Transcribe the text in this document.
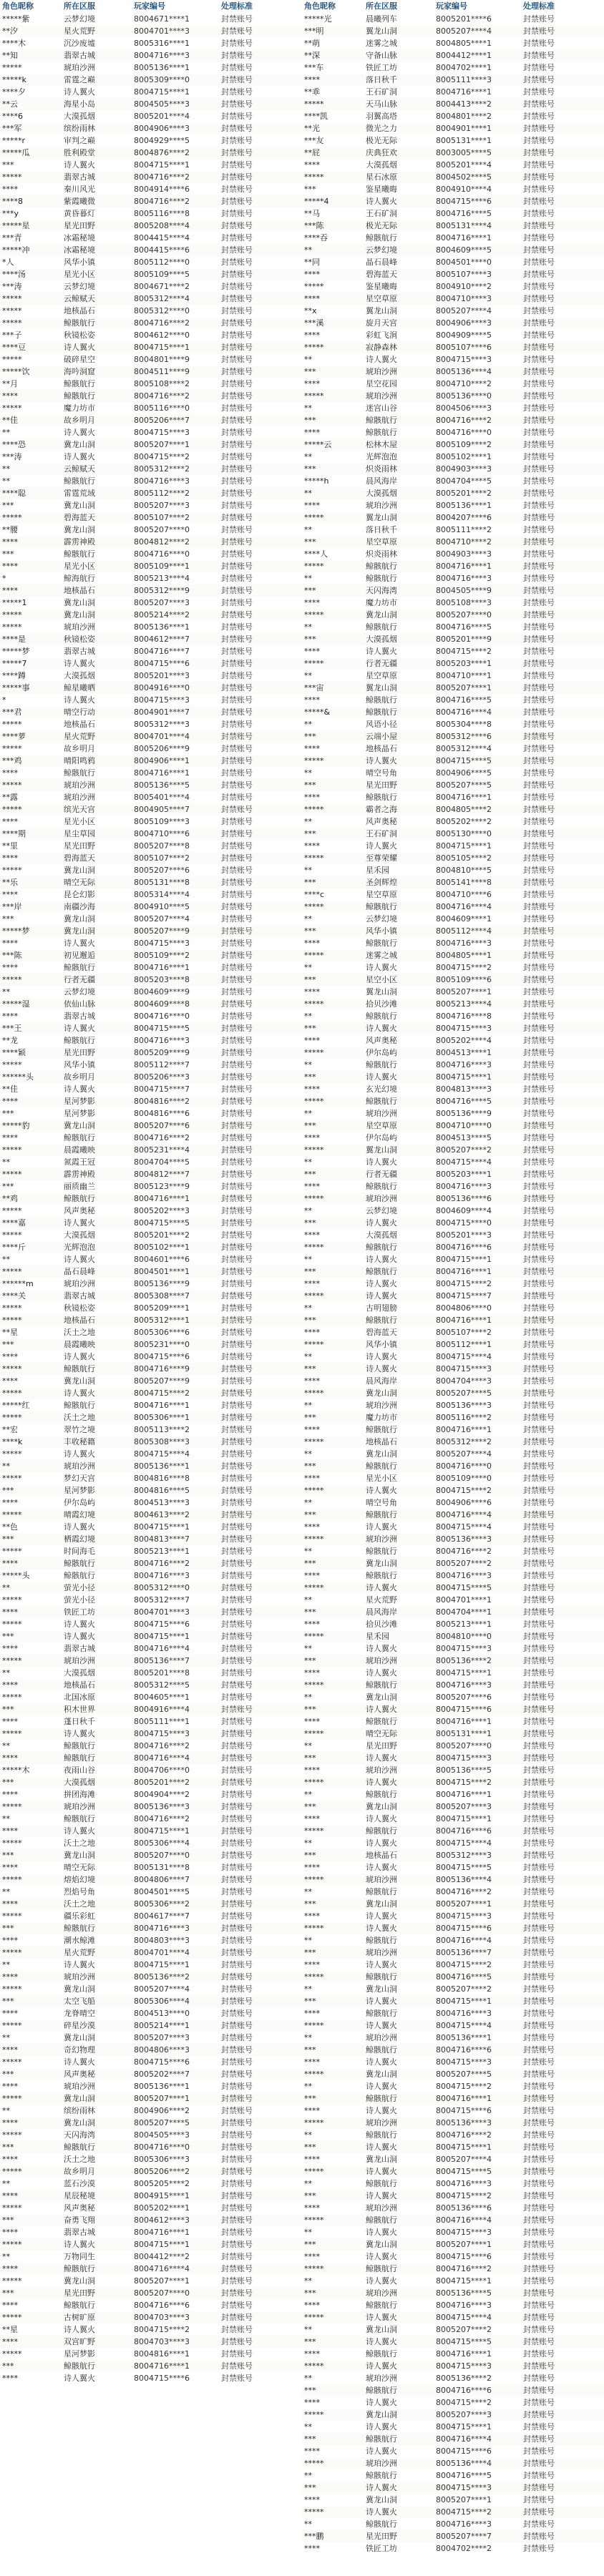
角色昵称	所在区服	玩家编号	处理标准
*****紫	云梦幻境	8004671****1	封禁账号
**汐	星火荒野	8004701****3	封禁账号
****木	沉沙废墟	8005316****1	封禁账号
**知	翡翠古城	8004716****3	封禁账号
*****	琥珀沙洲	8005136****1	封禁账号
*****k	雷霆之巅	8005309****0	封禁账号
****夕	诗人翼火	8004715****1	封禁账号
**云	海星小岛	8004505****3	封禁账号
****6	大漠孤烟	8005201****4	封禁账号
***军	缤纷雨林	8004906****3	封禁账号
*****r	审判之巅	8004929****5	封禁账号
*****瓜	胜利殿堂	8004876****2	封禁账号
***	诗人翼火	8004715****1	封禁账号
*****	翡翠古城	8004716****2	封禁账号
****	秦川风光	8004914****6	封禁账号
****8	紫霞曦微	8004716****2	封禁账号
***y	黄昏暮灯	8005116****8	封禁账号
*****星	星光田野	8005208****4	封禁账号
***青	冰霜秘境	8004415****4	封禁账号
*****冲	冰霜秘境	8004415****6	封禁账号
*人	风华小镇	8005112****0	封禁账号
****汤	星光小区	8005109****5	封禁账号
***涛	云梦幻境	8004671****2	封禁账号
*****	云鲸赋天	8005312****4	封禁账号
*****	地核晶石	8005312****0	封禁账号
*****	鲸骸航行	8004716****2	封禁账号
***子	秋镜松姿	8004612****0	封禁账号
****豆	诗人翼火	8004715****1	封禁账号
*****	破碎星空	8004801****9	封禁账号
*****饮	海吟洞窟	8004511****9	封禁账号
**月	鲸骸航行	8005108****2	封禁账号
****	鲸骸航行	8004716****2	封禁账号
*****	魔力坊市	8005116****0	封禁账号
**佳	故乡明月	8005206****7	封禁账号
**	诗人翼火	8004715****3	封禁账号
****恐	冀龙山洞	8005207****1	封禁账号
***涛	诗人翼火	8004715****2	封禁账号
**	云鲸赋天	8005312****2	封禁账号
**	鲸骸航行	8004716****3	封禁账号
****聪	雷霆荒域	8005112****2	封禁账号
***	冀龙山洞	8005207****3	封禁账号
*****	碧海蓝天	8005107****2	封禁账号
**腰	冀龙山洞	8005207****0	封禁账号
****	霹雳神殿	8004812****2	封禁账号
***	鲸骸航行	8004716****0	封禁账号
****	星光小区	8005109****1	封禁账号
*	鲸海航行	8005213****4	封禁账号
****	地核晶石	8005312****9	封禁账号
*****1	冀龙山洞	8005207****3	封禁账号
*****	冀龙山洞	8005214****2	封禁账号
*****	琥珀沙洲	8005136****1	封禁账号
****是	秋镜松姿	8004612****7	封禁账号
*****梦	翡翠古城	8004716****7	封禁账号
*****7	诗人翼火	8004715****6	封禁账号
****蹲	大漠孤烟	8005201****3	封禁账号
*****事	鲸星曦晒	8004916****0	封禁账号
*	诗人翼火	8004715****3	封禁账号
***君	晴空行动	8004901****7	封禁账号
*****	地核晶石	8005312****3	封禁账号
****萝	星火荒野	8004701****4	封禁账号
*****	故乡明月	8005206****9	封禁账号
***鸡	晴阳鸣鸦	8004906****1	封禁账号
****	鲸骸航行	8004716****1	封禁账号
*****	琥珀沙洲	8005136****5	封禁账号
**露	琥珀沙洲	8005401****4	封禁账号
*****	缤光天宫	8004905****7	封禁账号
****	星光小区	8005109****3	封禁账号
****期	星尘草园	8004710****6	封禁账号
**里	星光田野	8005207****8	封禁账号
****	碧海蓝天	8005107****2	封禁账号
*****	冀龙山洞	8005207****6	封禁账号
**乐	晴空无际	8005131****8	封禁账号
****	昆仑幻影	8005314****4	封禁账号
***岸	南疆沙海	8004910****5	封禁账号
***	冀龙山洞	8005207****4	封禁账号
*****梦	冀龙山洞	8005207****9	封禁账号
****	诗人翼火	8004715****3	封禁账号
***陈	初见邂逅	8005109****2	封禁账号
****	鲸骸航行	8004716****1	封禁账号
*****	行者无疆	8005203****8	封禁账号
**	云梦幻境	8004609****9	封禁账号
*****湿	依仙山脉	8004609****8	封禁账号
****	翡翠古城	8004716****0	封禁账号
***王	诗人翼火	8004715****5	封禁账号
**龙	鲸骸航行	8004716****3	封禁账号
****颖	星光田野	8005209****9	封禁账号
*****	风华小镇	8005112****7	封禁账号
******头	故乡明月	8005206****3	封禁账号
**佳	诗人翼火	8004715****7	封禁账号
****	星河梦影	8004816****2	封禁账号
***	星河梦影	8004816****6	封禁账号
*****豹	冀龙山洞	8005207****6	封禁账号
****	鲸骸航行	8004716****2	封禁账号
*****	晨霞曦映	8005231****4	封禁账号
**	氮霞王冠	8004704****5	封禁账号
*****	霹雳神殿	8004812****7	封禁账号
***	丽质幽兰	8005123****9	封禁账号
**鸡	鲸骸航行	8004716****1	封禁账号
*****	风声奥秘	8005202****3	封禁账号
****嘉	诗人翼火	8004715****5	封禁账号
*****	大漠孤烟	8005201****2	封禁账号
****斤	光辉泡泡	8005102****1	封禁账号
**	诗人翼火	8004601****6	封禁账号
*****	晶石晨峰	8004501****1	封禁账号
******m	琥珀沙洲	8005136****9	封禁账号
****关	翡翠古城	8005308****7	封禁账号
*****	秋镜松姿	8005209****1	封禁账号
*****	地核晶石	8005312****1	封禁账号
**星	沃土之地	8005306****6	封禁账号
***	晨霞曦映	8005231****0	封禁账号
****	诗人翼火	8004715****6	封禁账号
*****	鲸骸航行	8004716****9	封禁账号
****	冀龙山洞	8005207****9	封禁账号
*****	诗人翼火	8004715****2	封禁账号
*****红	鲸骸航行	8004716****1	封禁账号
*****	沃土之地	8005306****1	封禁账号
**宏	翠竹之境	8005113****2	封禁账号
****k	丰收秘籍	8005308****3	封禁账号
*****	诗人翼火	8004715****4	封禁账号
**	琥珀沙洲	8005136****1	封禁账号
*****	梦幻天宫	8004816****8	封禁账号
***	星河梦影	8004816****5	封禁账号
****	伊尔岛屿	8004513****3	封禁账号
*****	晴霞幻境	8004613****2	封禁账号
**色	诗人翼火	8004715****1	封禁账号
***	栖霞幻境	8004813****7	封禁账号
*****	时间海毛	8005213****1	封禁账号
****	鲸骸航行	8004716****2	封禁账号
*****头	鲸骸航行	8004716****3	封禁账号
**	萤光小径	8005312****0	封禁账号
*****	萤光小径	8005312****7	封禁账号
****	铁匠工坊	8004701****3	封禁账号
*****	诗人翼火	8004715****6	封禁账号
***	诗人翼火	8004715****1	封禁账号
****	翡翠古城	8004716****4	封禁账号
*****	琥珀沙洲	8005136****7	封禁账号
**	大漠孤烟	8005201****8	封禁账号
****	地核晶石	8005312****5	封禁账号
*****	北国冰原	8004605****1	封禁账号
***	积木世界	8004916****4	封禁账号
****	蓬日秋千	8005111****1	封禁账号
*****	诗人翼火	8004715****3	封禁账号
**	鲸骸航行	8004716****2	封禁账号
****	鲸骸航行	8004716****4	封禁账号
*****木	夜雨山谷	8004706****0	封禁账号
***	大漠孤烟	8005201****2	封禁账号
****	拼团海滩	8004904****2	封禁账号
*****	琥珀沙洲	8005136****3	封禁账号
**	鲸骸航行	8004716****2	封禁账号
****	诗人翼火	8004715****1	封禁账号
*****	沃土之地	8005306****4	封禁账号
***	冀龙山洞	8005207****0	封禁账号
****	晴空无际	8005131****8	封禁账号
*****	熔焰幻境	8004806****7	封禁账号
**	烈焰号角	8004501****5	封禁账号
****	沃土之地	8005306****2	封禁账号
*****	疆乐彩虹	8004617****7	封禁账号
***	鲸骸航行	8004716****3	封禁账号
****	潮水鲸滩	8004803****3	封禁账号
*****	星火荒野	8004701****4	封禁账号
**	诗人翼火	8004715****1	封禁账号
****	琥珀沙洲	8005136****2	封禁账号
*****	冀龙山洞	8005207****4	封禁账号
***	太空飞船	8005306****4	封禁账号
****	龙脊晴空	8004513****0	封禁账号
*****	碎星沙漠	8005214****1	封禁账号
**	冀龙山洞	8005207****3	封禁账号
****	奇幻物理	8004806****3	封禁账号
*****	诗人翼火	8004715****6	封禁账号
***	风声奥秘	8005202****7	封禁账号
****	琥珀沙洲	8005136****1	封禁账号
*****	冀龙山洞	8005207****1	封禁账号
**	缤纷雨林	8004906****2	封禁账号
****	冀龙山洞	8005207****5	封禁账号
*****	天闪海湾	8004505****3	封禁账号
***	鲸骸航行	8004716****0	封禁账号
****	沃土之地	8005306****3	封禁账号
*****	故乡明月	8005206****2	封禁账号
**	蓝石沙漠	8005205****2	封禁账号
****	星辰秘境	8004915****1	封禁账号
*****	风声奥秘	8005202****1	封禁账号
***	奋勇飞翔	8004612****3	封禁账号
****	翡翠古城	8004716****1	封禁账号
*****	诗人翼火	8004715****1	封禁账号
**	万物同生	8004412****2	封禁账号
****	鲸骸航行	8004716****4	封禁账号
*****	冀龙山洞	8005207****1	封禁账号
***	星光田野	8005207****0	封禁账号
****	鲸骸航行	8004716****6	封禁账号
*****	古树旷原	8004703****3	封禁账号
**星	诗人翼火	8004715****2	封禁账号
****	双宫旷野	8004703****3	封禁账号
*****	星河梦影	8004816****1	封禁账号
***	鲸骸航行	8004716****1	封禁账号
****	诗人翼火	8004715****6	封禁账号
角色昵称	所在区服	玩家编号	处理标准
*****光	晨曦列车	8005201****6	封禁账号
***明	翼龙山洞	8005207****4	封禁账号
**萌	迷雾之城	8004805****1	封禁账号
**深	守备山脉	8004412****1	封禁账号
***车	铁匠工坊	8004702****1	封禁账号
****	落日秋千	8005111****3	封禁账号
**乖	王石矿洞	8004716****1	封禁账号
*****	天马山脉	8004413****2	封禁账号
****凯	羽翼高塔	8004801****2	封禁账号
**光	微光之力	8004901****1	封禁账号
***友	极光无际	8005131****1	封禁账号
**屁	庆典狂欢	8003005****5	封禁账号
****	大漠孤烟	8005201****4	封禁账号
*****	星石冰原	8004502****5	封禁账号
***	鉴星曦晦	8004910****4	封禁账号
*****4	诗人翼火	8004715****6	封禁账号
**马	王石矿洞	8004716****5	封禁账号
***陈	极光无际	8005131****4	封禁账号
****吞	鲸骸航行	8004716****1	封禁账号
**	云梦幻境	8004609****5	封禁账号
**同	晶石晨峰	8004501****0	封禁账号
****	碧海蓝天	8005107****3	封禁账号
*****	鉴星曦晦	8004910****2	封禁账号
****	星空草原	8004710****3	封禁账号
**x	翼龙山洞	8005207****4	封禁账号
***溪	旋月天宫	8004906****3	封禁账号
****	彩虹飞涧	8004909****5	封禁账号
*****	寂静森林	8005107****6	封禁账号
**	诗人翼火	8004715****3	封禁账号
***	琥珀沙洲	8005136****4	封禁账号
****	星空花园	8004710****2	封禁账号
*****	琥珀沙洲	8005136****0	封禁账号
**	迷宫山谷	8004506****3	封禁账号
***	鲸骸航行	8004716****2	封禁账号
****	鲸骸航行	8004716****0	封禁账号
*****云	松林木屋	8005109****2	封禁账号
**	光辉泡泡	8005102****1	封禁账号
***	炽炎雨林	8004903****3	封禁账号
*****h	晨风海岸	8004704****5	封禁账号
**	大漠孤烟	8005201****2	封禁账号
****	琥珀沙洲	8005136****1	封禁账号
*****	翼龙山洞	8004207****6	封禁账号
**	落日秋千	8005111****2	封禁账号
***	星空草原	8004710****2	封禁账号
****人	炽炎雨林	8004903****3	封禁账号
*****	鲸骸航行	8004716****1	封禁账号
**	鲸骸航行	8004716****3	封禁账号
***	天闪海湾	8004505****9	封禁账号
****	魔力坊市	8005108****3	封禁账号
*****	冀龙山洞	8005207****0	封禁账号
**	鲸骸航行	8004716****5	封禁账号
***	大漠孤烟	8005201****9	封禁账号
****	诗人翼火	8004715****2	封禁账号
*****	行者无疆	8005203****1	封禁账号
**	星空草原	8004710****1	封禁账号
***宙	翼龙山洞	8005207****1	封禁账号
****	鲸骸航行	8004716****5	封禁账号
*****&	鲸骸航行	8004716****4	封禁账号
**	风语小径	8005304****8	封禁账号
***	云端小屋	8005312****6	封禁账号
****	地核晶石	8005312****4	封禁账号
*****	诗人翼火	8004715****5	封禁账号
**	晴空号角	8004906****5	封禁账号
***	星光田野	8005207****5	封禁账号
****	鲸骸航行	8004716****1	封禁账号
*****	霸者之海	8004805****2	封禁账号
**	风声奥秘	8005202****2	封禁账号
***	王石矿洞	8005130****0	封禁账号
****	诗人翼火	8004715****1	封禁账号
*****	至尊荣耀	8005105****2	封禁账号
**	星禾园	8004810****5	封禁账号
***	圣剑辉煌	8005141****8	封禁账号
****c	星空草原	8004710****6	封禁账号
*****	鲸骸航行	8004716****4	封禁账号
**	云梦幻境	8004609****1	封禁账号
***	风华小镇	8005112****4	封禁账号
****	鲸骸航行	8004716****3	封禁账号
*****	迷雾之城	8004805****1	封禁账号
**	诗人翼火	8004715****2	封禁账号
***	星空小区	8005109****6	封禁账号
****	翼龙山洞	8005207****1	封禁账号
*****	拾贝沙滩	8005213****4	封禁账号
**	鲸骸航行	8004716****8	封禁账号
***	诗人翼火	8004715****3	封禁账号
****	风声奥秘	8005202****4	封禁账号
*****	伊尔岛屿	8004513****1	封禁账号
**	鲸骸航行	8004716****3	封禁账号
***	诗人翼火	8004715****1	封禁账号
****	玄光幻境	8004813****3	封禁账号
*****	鲸骸航行	8004716****5	封禁账号
**	琥珀沙洲	8005136****9	封禁账号
***	星空草原	8004710****0	封禁账号
****	伊尔岛屿	8004513****5	封禁账号
*****	翼龙山洞	8005207****2	封禁账号
**	诗人翼火	8004715****4	封禁账号
***	行者无疆	8005203****1	封禁账号
****	鲸骸航行	8004716****3	封禁账号
*****	琥珀沙洲	8005136****6	封禁账号
**	云梦幻境	8004609****4	封禁账号
***	诗人翼火	8004715****0	封禁账号
****	大漠孤烟	8005201****3	封禁账号
*****	鲸骸航行	8004716****6	封禁账号
**	诗人翼火	8004715****1	封禁账号
***	鲸骸航行	8004716****1	封禁账号
****	诗人翼火	8004715****2	封禁账号
*****	诗人翼火	8004715****7	封禁账号
**	古明翅膀	8004806****0	封禁账号
***	鲸骸航行	8004716****1	封禁账号
****	碧海蓝天	8005107****2	封禁账号
*****	风华小镇	8005112****1	封禁账号
**	诗人翼火	8004715****4	封禁账号
***	诗人翼火	8004715****3	封禁账号
****	晨风海岸	8004704****3	封禁账号
*****	冀龙山洞	8005207****5	封禁账号
**	琥珀沙洲	8005136****3	封禁账号
***	魔力坊市	8005116****2	封禁账号
****	鲸骸航行	8004716****1	封禁账号
*****	地核晶石	8005312****2	封禁账号
**	冀龙山洞	8005207****4	封禁账号
***	鲸骸航行	8004716****0	封禁账号
****	星光小区	8005109****0	封禁账号
*****	诗人翼火	8004715****2	封禁账号
**	晴空号角	8004906****6	封禁账号
***	鲸骸航行	8004716****4	封禁账号
****	诗人翼火	8004715****4	封禁账号
*****	琥珀沙洲	8005136****3	封禁账号
**	鲸骸航行	8004716****2	封禁账号
***	冀龙山洞	8005207****2	封禁账号
****	鲸骸航行	8004716****3	封禁账号
*****	诗人翼火	8004715****5	封禁账号
**	星火荒野	8004701****1	封禁账号
***	晨风海岸	8004704****1	封禁账号
****	拾贝沙滩	8005213****1	封禁账号
*****	星禾园	8004810****0	封禁账号
**	诗人翼火	8004715****3	封禁账号
***	琥珀沙洲	8005136****2	封禁账号
****	诗人翼火	8004715****1	封禁账号
*****	鲸骸航行	8004716****3	封禁账号
**	冀龙山洞	8005207****6	封禁账号
***	诗人翼火	8004715****6	封禁账号
****	鲸骸航行	8004716****1	封禁账号
*****	晴空无际	8005131****1	封禁账号
**	星光田野	8005207****0	封禁账号
***	诗人翼火	8004715****3	封禁账号
****	琥珀沙洲	8005136****5	封禁账号
*****	诗人翼火	8004715****2	封禁账号
**	鲸骸航行	8004716****1	封禁账号
***	冀龙山洞	8005207****3	封禁账号
****	诗人翼火	8004715****1	封禁账号
*****	鲸骸航行	8004716****6	封禁账号
**	诗人翼火	8004715****4	封禁账号
***	地核晶石	8005312****3	封禁账号
****	诗人翼火	8004715****5	封禁账号
*****	琥珀沙洲	8005136****4	封禁账号
**	鲸骸航行	8004716****2	封禁账号
***	冀龙山洞	8005207****1	封禁账号
****	诗人翼火	8004715****3	封禁账号
*****	诗人翼火	8004715****6	封禁账号
**	鲸骸航行	8004716****4	封禁账号
***	琥珀沙洲	8005136****7	封禁账号
****	诗人翼火	8004715****2	封禁账号
*****	鲸骸航行	8004716****5	封禁账号
**	冀龙山洞	8005207****2	封禁账号
***	诗人翼火	8004715****1	封禁账号
****	鲸骸航行	8004716****3	封禁账号
*****	诗人翼火	8004715****4	封禁账号
**	琥珀沙洲	8005136****1	封禁账号
***	鲸骸航行	8004716****6	封禁账号
****	诗人翼火	8004715****3	封禁账号
*****	冀龙山洞	8005207****5	封禁账号
**	诗人翼火	8004715****2	封禁账号
***	鲸骸航行	8004716****1	封禁账号
****	诗人翼火	8004715****6	封禁账号
*****	琥珀沙洲	8005136****3	封禁账号
**	鲸骸航行	8004716****2	封禁账号
***	诗人翼火	8004715****1	封禁账号
****	冀龙山洞	8005207****4	封禁账号
*****	诗人翼火	8004715****5	封禁账号
**	鲸骸航行	8004716****3	封禁账号
***	诗人翼火	8004715****2	封禁账号
****	琥珀沙洲	8005136****6	封禁账号
*****	鲸骸航行	8004716****4	封禁账号
**	诗人翼火	8004715****3	封禁账号
***	冀龙山洞	8005207****1	封禁账号
****	诗人翼火	8004715****6	封禁账号
*****	鲸骸航行	8004716****2	封禁账号
**	诗人翼火	8004715****1	封禁账号
***	琥珀沙洲	8005136****5	封禁账号
****	鲸骸航行	8004716****3	封禁账号
*****	诗人翼火	8004715****4	封禁账号
**	冀龙山洞	8005207****2	封禁账号
***	诗人翼火	8004715****5	封禁账号
****	鲸骸航行	8004716****1	封禁账号
*****	诗人翼火	8004715****3	封禁账号
**	琥珀沙洲	8005136****2	封禁账号
***	鲸骸航行	8004716****6	封禁账号
****	诗人翼火	8004715****2	封禁账号
*****	冀龙山洞	8005207****3	封禁账号
**	诗人翼火	8004715****1	封禁账号
***	鲸骸航行	8004716****4	封禁账号
****	诗人翼火	8004715****6	封禁账号
*****	琥珀沙洲	8005136****4	封禁账号
**	鲸骸航行	8004716****5	封禁账号
***	诗人翼火	8004715****3	封禁账号
****	冀龙山洞	8005207****1	封禁账号
*****	诗人翼火	8004715****2	封禁账号
**	鲸骸航行	8004716****3	封禁账号
***鹏	星光田野	8005207****7	封禁账号
****	铁匠工坊	8004702****2	封禁账号
